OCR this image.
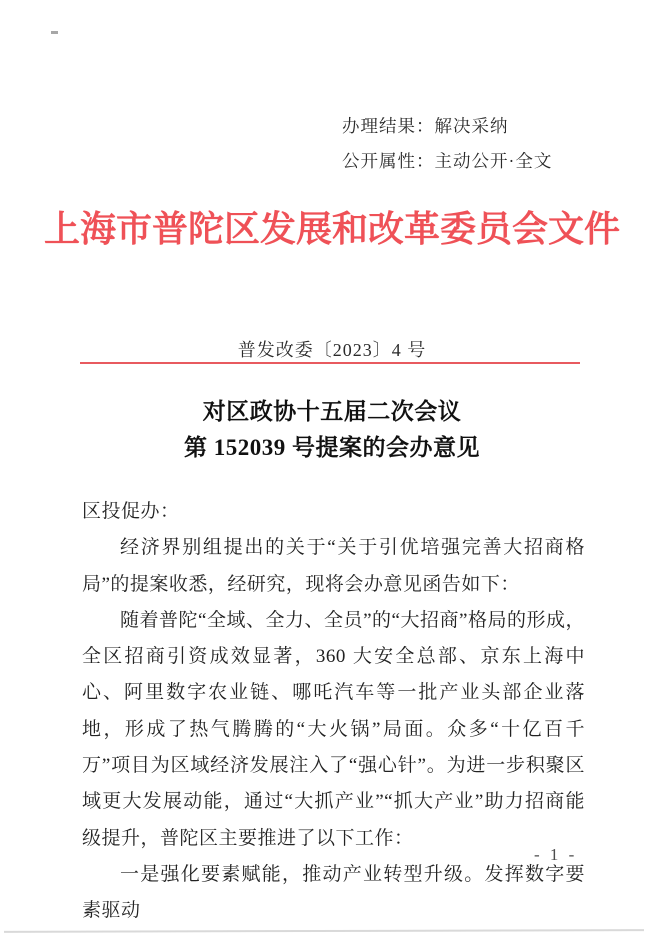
办理结果：解决采纳
公开属性：主动公开·全文
上海市普陀区发展和改革委员会文件
普发改委〔2023〕4 号
对区政协十五届二次会议
第 152039 号提案的会办意见

区投促办：

经济界别组提出的关于“关于引优培强完善大招商格局”的提案收悉，经研究，现将会办意见函告如下：

随着普陀“全域、全力、全员”的“大招商”格局的形成，全区招商引资成效显著，360 大安全总部、京东上海中心、阿里数字农业链、哪吒汽车等一批产业头部企业落地，形成了热气腾腾的“大火锅”局面。众多“十亿百千万”项目为区域经济发展注入了“强心针”。为进一步积聚区域更大发展动能，通过“大抓产业”“抓大产业”助力招商能级提升，普陀区主要推进了以下工作：

一是强化要素赋能，推动产业转型升级。发挥数字要素驱动

- 1 -
